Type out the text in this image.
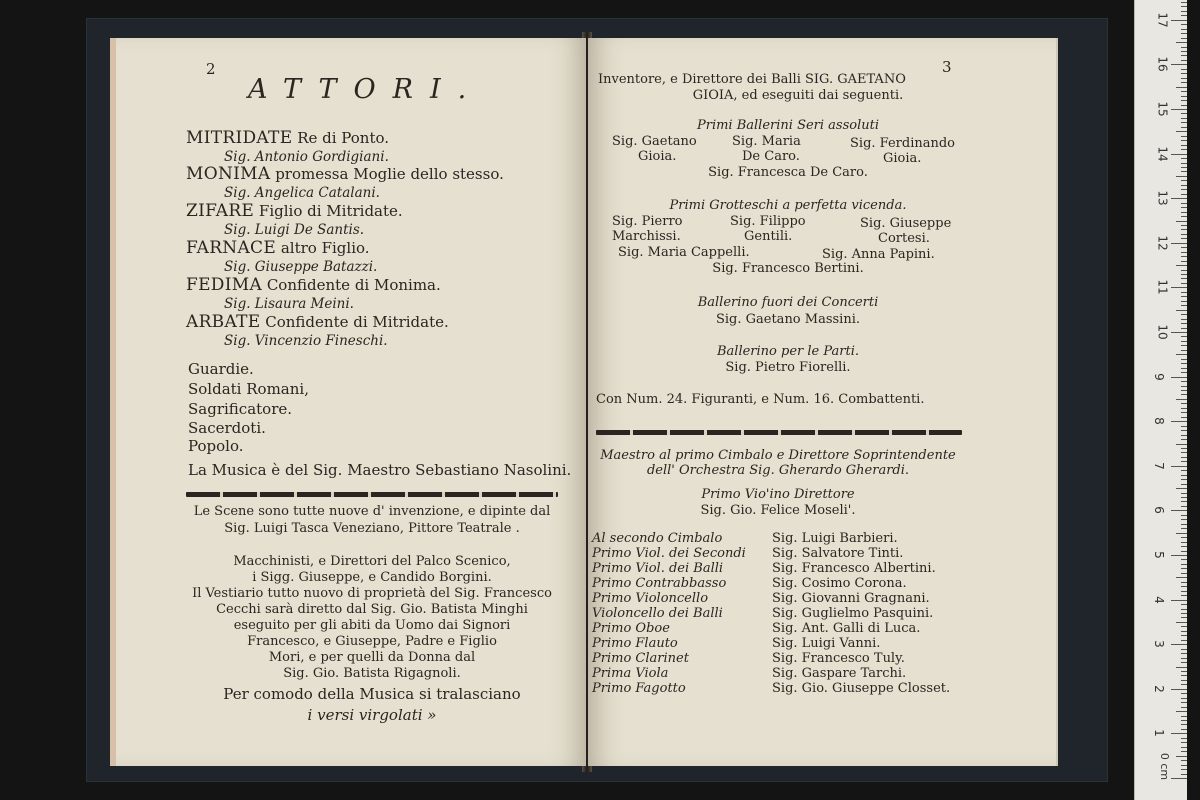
2
ATTORI.
MITRIDATE Re di Ponto.
Sig. Antonio Gordigiani.
MONIMA promessa Moglie dello stesso.
Sig. Angelica Catalani.
ZIFARE Figlio di Mitridate.
Sig. Luigi De Santis.
FARNACE altro Figlio.
Sig. Giuseppe Batazzi.
FEDIMA Confidente di Monima.
Sig. Lisaura Meini.
ARBATE Confidente di Mitridate.
Sig. Vincenzio Fineschi.
Guardie.
Soldati Romani,
Sagrificatore.
Sacerdoti.
Popolo.
La Musica è del Sig. Maestro Sebastiano Nasolini.
Le Scene sono tutte nuove d' invenzione, e dipinte dal
Sig. Luigi Tasca Veneziano, Pittore Teatrale .
Macchinisti, e Direttori del Palco Scenico,
i Sigg. Giuseppe, e Candido Borgini.
Il Vestiario tutto nuovo di proprietà del Sig. Francesco
Cecchi sarà diretto dal Sig. Gio. Batista Minghi
eseguito per gli abiti da Uomo dai Signori
Francesco, e Giuseppe, Padre e Figlio
Mori, e per quelli da Donna dal
Sig. Gio. Batista Rigagnoli.
Per comodo della Musica si tralasciano
i versi virgolati »
3
Inventore, e Direttore dei Balli SIG. GAETANO
GIOIA, ed eseguiti dai seguenti.
Primi Ballerini Seri assoluti
Sig. Gaetano	Sig. Maria	Sig. Ferdinando
Gioia.	De Caro.	Gioia.
Sig. Francesca De Caro.
Primi Grotteschi a perfetta vicenda.
Sig. Pierro	Sig. Filippo	Sig. Giuseppe
Marchissi.	Gentili.	Cortesi.
Sig. Maria Cappelli.	Sig. Anna Papini.
Sig. Francesco Bertini.
Ballerino fuori dei Concerti
Sig. Gaetano Massini.
Ballerino per le Parti.
Sig. Pietro Fiorelli.
Con Num. 24. Figuranti, e Num. 16. Combattenti.
Maestro al primo Cimbalo e Direttore Soprintendente
dell' Orchestra Sig. Gherardo Gherardi.
Primo Vio'ino Direttore
Sig. Gio. Felice Moseli'.
Al secondo Cimbalo	Sig. Luigi Barbieri.
Primo Viol. dei Secondi Sig. Salvatore Tinti.
Primo Viol. dei Balli	Sig. Francesco Albertini.
Primo Contrabbasso	Sig. Cosimo Corona.
Primo Violoncello	Sig. Giovanni Gragnani.
Violoncello dei Balli	Sig. Guglielmo Pasquini.
Primo Oboe	Sig. Ant. Galli di Luca.
Primo Flauto	Sig. Luigi Vanni.
Primo Clarinet	Sig. Francesco Tuly.
Prima Viola	Sig. Gaspare Tarchi.
Primo Fagotto	Sig. Gio. Giuseppe Closset.
0 cm
1
2
3
4
5
6
7
8
9
10
11
12
13
14
15
16
17
